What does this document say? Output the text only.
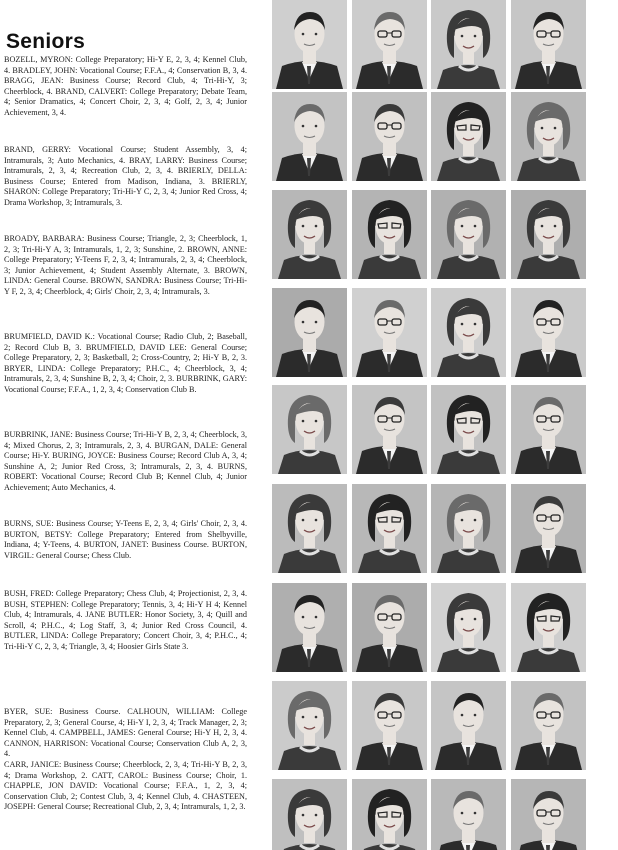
Seniors
BOZELL, MYRON: College Preparatory; Hi-Y E, 2, 3, 4; Kennel Club, 4. BRADLEY, JOHN: Vocational Course; F.F.A., 4; Conservation B, 3, 4. BRAGG, JEAN: Business Course; Record Club, 4; Tri-Hi-Y, 3; Cheerblock, 4. BRAND, CALVERT: College Preparatory; Debate Team, 4; Senior Dramatics, 4; Concert Choir, 2, 3, 4; Golf, 2, 3, 4; Junior Achievement, 3, 4.
BRAND, GERRY: Vocational Course; Student Assembly, 3, 4; Intramurals, 3; Auto Mechanics, 4. BRAY, LARRY: Business Course; Intramurals, 2, 3, 4; Recreation Club, 2, 3, 4. BRIERLY, DELLA: Business Course; Entered from Madison, Indiana, 3. BRIERLY, SHARON: College Preparatory; Tri-Hi-Y C, 2, 3, 4; Junior Red Cross, 4; Drama Workshop, 3; Intramurals, 3.
BROADY, BARBARA: Business Course; Triangle, 2, 3; Cheerblock, 1, 2, 3; Tri-Hi-Y A, 3; Intramurals, 1, 2, 3; Sunshine, 2. BROWN, ANNE: College Preparatory; Y-Teens F, 2, 3, 4; Intramurals, 2, 3, 4; Cheerblock, 3; Junior Achievement, 4; Student Assembly Alternate, 3. BROWN, LINDA: General Course. BROWN, SANDRA: Business Course; Tri-Hi-Y F, 2, 3, 4; Cheerblock, 4; Girls' Choir, 2, 3, 4; Intramurals, 3.
BRUMFIELD, DAVID K.: Vocational Course; Radio Club, 2; Baseball, 2; Record Club B, 3. BRUMFIELD, DAVID LEE: General Course; College Preparatory, 2, 3; Basketball, 2; Cross-Country, 2; Hi-Y B, 2, 3. BRYER, LINDA: College Preparatory; P.H.C., 4; Cheerblock, 3, 4; Intramurals, 2, 3, 4; Sunshine B, 2, 3, 4; Choir, 2, 3. BURBRINK, GARY: Vocational Course; F.F.A., 1, 2, 3, 4; Conservation Club B.
BURBRINK, JANE: Business Course; Tri-Hi-Y B, 2, 3, 4; Cheerblock, 3, 4; Mixed Chorus, 2, 3; Intramurals, 2, 3, 4. BURGAN, DALE: General Course; Hi-Y. BURING, JOYCE: Business Course; Record Club A, 3, 4; Sunshine A, 2; Junior Red Cross, 3; Intramurals, 2, 3, 4. BURNS, ROBERT: Vocational Course; Record Club B; Kennel Club, 4; Junior Achievement; Auto Mechanics, 4.
BURNS, SUE: Business Course; Y-Teens E, 2, 3, 4; Girls' Choir, 2, 3, 4. BURTON, BETSY: College Preparatory; Entered from Shelbyville, Indiana, 4; Y-Teens, 4. BURTON, JANET: Business Course. BURTON, VIRGIL: General Course; Chess Club.
BUSH, FRED: College Preparatory; Chess Club, 4; Projectionist, 2, 3, 4. BUSH, STEPHEN: College Preparatory; Tennis, 3, 4; Hi-Y H 4; Kennel Club, 4; Intramurals, 4. JANE BUTLER: Honor Society, 3, 4; Quill and Scroll, 4; P.H.C., 4; Log Staff, 3, 4; Junior Red Cross Council, 4. BUTLER, LINDA: College Preparatory; Concert Choir, 3, 4; P.H.C., 4; Tri-Hi-Y C, 2, 3, 4; Triangle, 3, 4; Hoosier Girls State 3.
BYER, SUE: Business Course. CALHOUN, WILLIAM: College Preparatory, 2, 3; General Course, 4; Hi-Y I, 2, 3, 4; Track Manager, 2, 3; Kennel Club, 4. CAMPBELL, JAMES: General Course; Hi-Y H, 2, 3, 4. CANNON, HARRISON: Vocational Course; Conservation Club A, 2, 3, 4.
CARR, JANICE: Business Course; Cheerblock, 2, 3, 4; Tri-Hi-Y B, 2, 3, 4; Drama Workshop, 2. CATT, CAROL: Business Course; Choir, 1. CHAPPLE, JON DAVID: Vocational Course; F.F.A., 1, 2, 3, 4; Conservation Club, 2; Contest Club, 3, 4; Kennel Club, 4. CHASTEEN, JOSEPH: General Course; Recreational Club, 2, 3, 4; Intramurals, 1, 2, 3.
